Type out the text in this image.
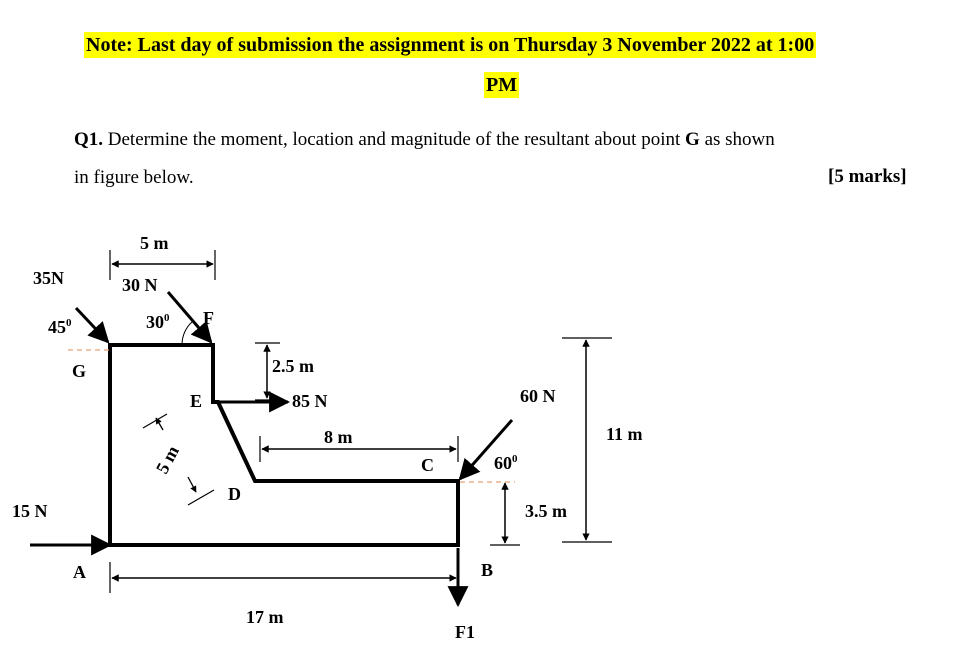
Note: Last day of submission the assignment is on Thursday 3 November 2022 at 1:00
PM
Q1. Determine the moment, location and magnitude of the resultant about point G as shown
in figure below.	[5 marks]
35N
$45^0$
G
15 N
A
5 m
30 N
$30^0$ F
2.5 m
E	85 N
5 m
D
8 m
C
60 N
$60^0$
3.5 m
11 m
B
F1
17 m
